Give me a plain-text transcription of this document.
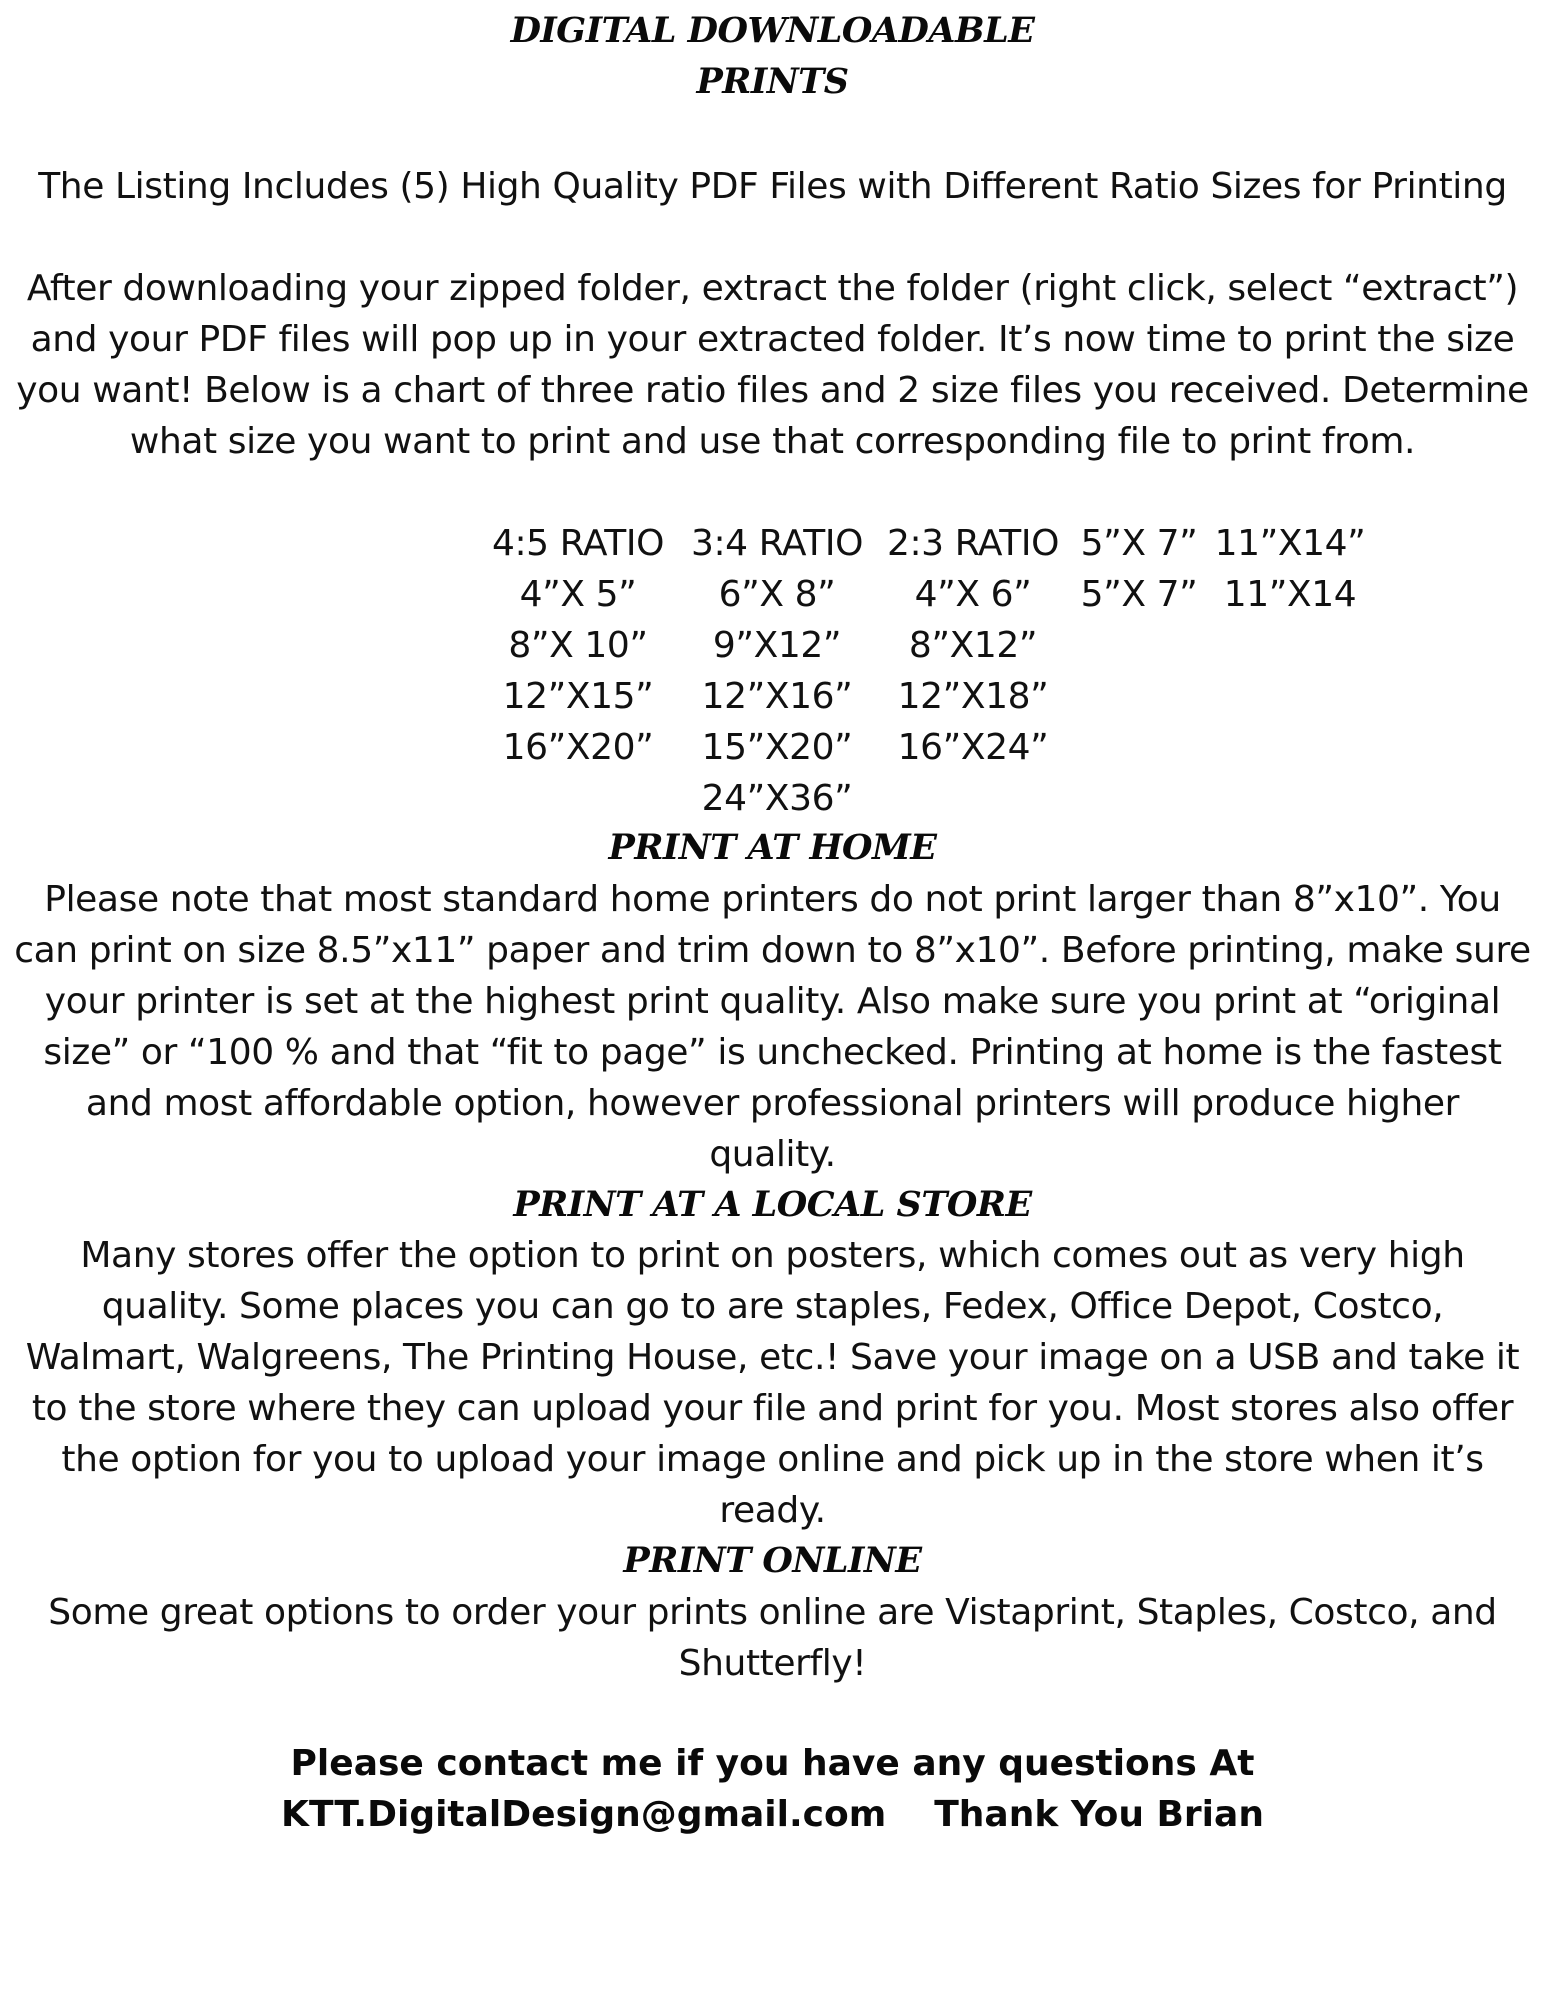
DIGITAL DOWNLOADABLE
PRINTS
The Listing Includes (5) High Quality PDF Files with Different Ratio Sizes for Printing
After downloading your zipped folder, extract the folder (right click, select “extract”)
and your PDF files will pop up in your extracted folder. It’s now time to print the size
you want! Below is a chart of three ratio files and 2 size files you received. Determine
what size you want to print and use that corresponding file to print from.
4:5 RATIO
4”X 5”
8”X 10”
12”X15”
16”X20”
3:4 RATIO
6”X 8”
9”X12”
12”X16”
15”X20”
24”X36”
2:3 RATIO
4”X 6”
8”X12”
12”X18”
16”X24”
5”X 7”
5”X 7”
11”X14”
11”X14
PRINT AT HOME
Please note that most standard home printers do not print larger than 8”x10”. You
can print on size 8.5”x11” paper and trim down to 8”x10”. Before printing, make sure
your printer is set at the highest print quality. Also make sure you print at “original
size” or “100 % and that “fit to page” is unchecked. Printing at home is the fastest
and most affordable option, however professional printers will produce higher
quality.
PRINT AT A LOCAL STORE
Many stores offer the option to print on posters, which comes out as very high
quality. Some places you can go to are staples, Fedex, Office Depot, Costco,
Walmart, Walgreens, The Printing House, etc.! Save your image on a USB and take it
to the store where they can upload your file and print for you. Most stores also offer
the option for you to upload your image online and pick up in the store when it’s
ready.
PRINT ONLINE
Some great options to order your prints online are Vistaprint, Staples, Costco, and
Shutterfly!
Please contact me if you have any questions At
KTT.DigitalDesign@gmail.com Thank You Brian
